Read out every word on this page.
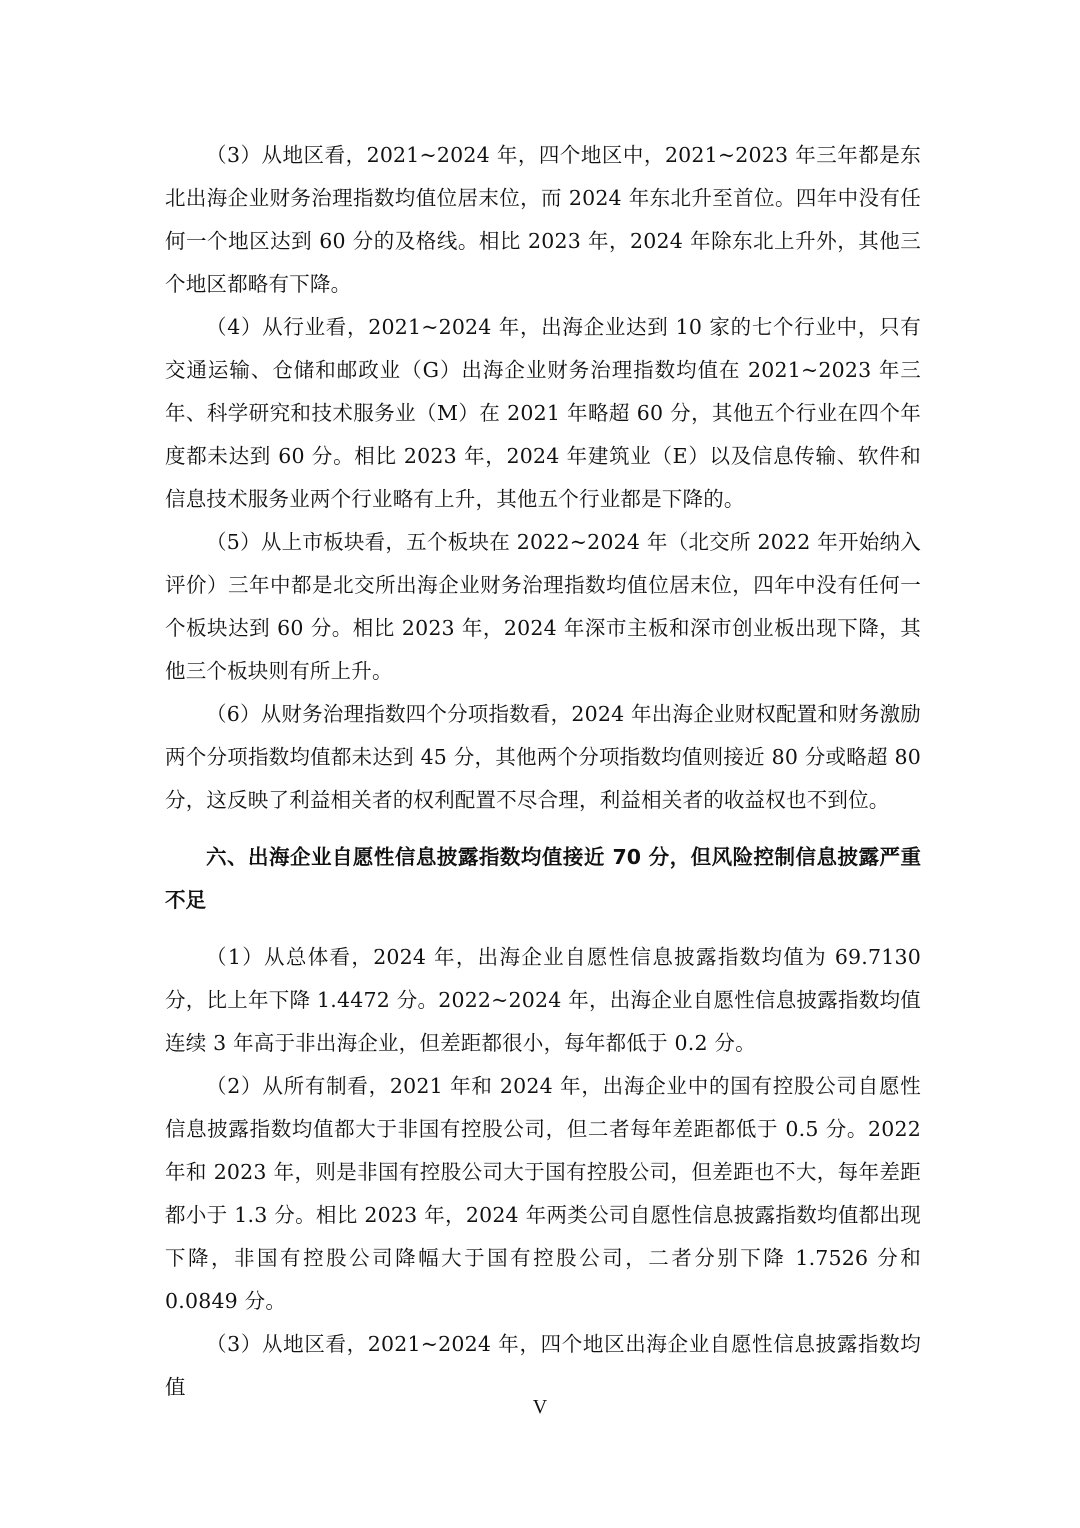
（3）从地区看，2021~2024 年，四个地区中，2021~2023 年三年都是东北出海企业财务治理指数均值位居末位，而 2024 年东北升至首位。四年中没有任何一个地区达到 60 分的及格线。相比 2023 年，2024 年除东北上升外，其他三个地区都略有下降。

（4）从行业看，2021~2024 年，出海企业达到 10 家的七个行业中，只有交通运输、仓储和邮政业（G）出海企业财务治理指数均值在 2021~2023 年三年、科学研究和技术服务业（M）在 2021 年略超 60 分，其他五个行业在四个年度都未达到 60 分。相比 2023 年，2024 年建筑业（E）以及信息传输、软件和信息技术服务业两个行业略有上升，其他五个行业都是下降的。

（5）从上市板块看，五个板块在 2022~2024 年（北交所 2022 年开始纳入评价）三年中都是北交所出海企业财务治理指数均值位居末位，四年中没有任何一个板块达到 60 分。相比 2023 年，2024 年深市主板和深市创业板出现下降，其他三个板块则有所上升。

（6）从财务治理指数四个分项指数看，2024 年出海企业财权配置和财务激励两个分项指数均值都未达到 45 分，其他两个分项指数均值则接近 80 分或略超 80 分，这反映了利益相关者的权利配置不尽合理，利益相关者的收益权也不到位。

六、出海企业自愿性信息披露指数均值接近 70 分，但风险控制信息披露严重不足

（1）从总体看，2024 年，出海企业自愿性信息披露指数均值为 69.7130 分，比上年下降 1.4472 分。2022~2024 年，出海企业自愿性信息披露指数均值连续 3 年高于非出海企业，但差距都很小，每年都低于 0.2 分。

（2）从所有制看，2021 年和 2024 年，出海企业中的国有控股公司自愿性信息披露指数均值都大于非国有控股公司，但二者每年差距都低于 0.5 分。2022 年和 2023 年，则是非国有控股公司大于国有控股公司，但差距也不大，每年差距都小于 1.3 分。相比 2023 年，2024 年两类公司自愿性信息披露指数均值都出现下降，非国有控股公司降幅大于国有控股公司，二者分别下降 1.7526 分和 0.0849 分。

（3）从地区看，2021~2024 年，四个地区出海企业自愿性信息披露指数均值

V
